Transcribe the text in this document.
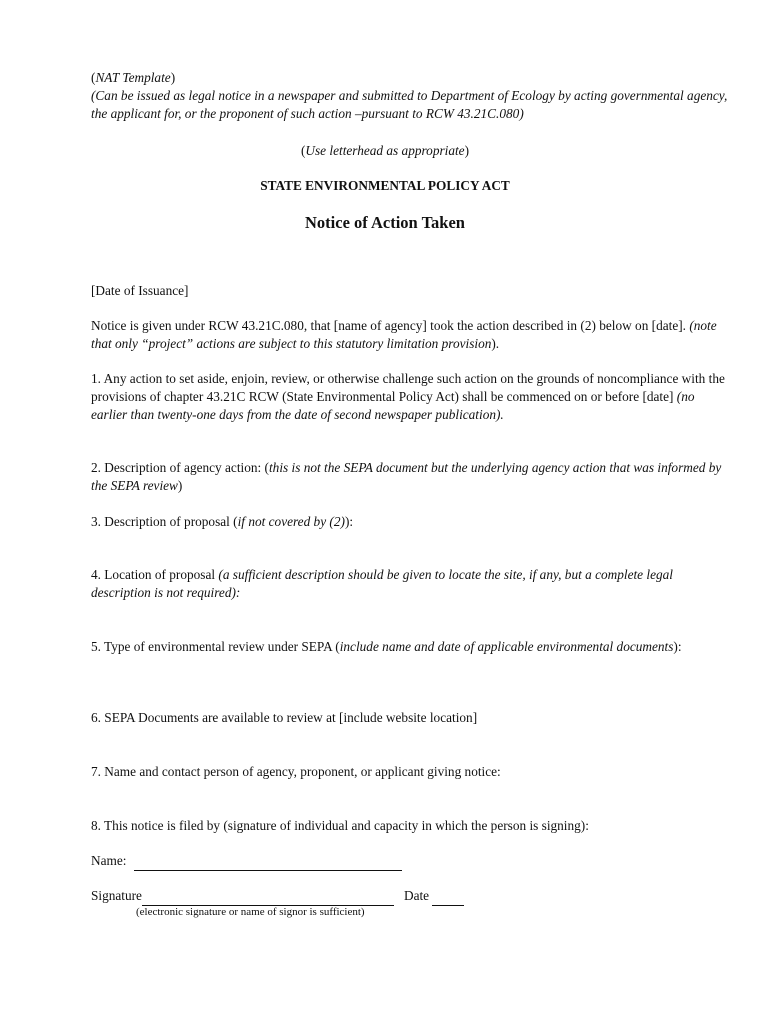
(NAT Template)
(Can be issued as legal notice in a newspaper and submitted to Department of Ecology by acting governmental agency, the applicant for, or the proponent of such action –pursuant to RCW 43.21C.080)

(Use letterhead as appropriate)

STATE ENVIRONMENTAL POLICY ACT

Notice of Action Taken

[Date of Issuance]

Notice is given under RCW 43.21C.080, that [name of agency] took the action described in (2) below on [date]. (note that only “project” actions are subject to this statutory limitation provision).

1. Any action to set aside, enjoin, review, or otherwise challenge such action on the grounds of noncompliance with the provisions of chapter 43.21C RCW (State Environmental Policy Act) shall be commenced on or before [date] (no earlier than twenty-one days from the date of second newspaper publication).

2. Description of agency action: (this is not the SEPA document but the underlying agency action that was informed by the SEPA review)

3. Description of proposal (if not covered by (2)):

4. Location of proposal (a sufficient description should be given to locate the site, if any, but a complete legal description is not required):

5. Type of environmental review under SEPA (include name and date of applicable environmental documents):

6. SEPA Documents are available to review at [include website location]

7. Name and contact person of agency, proponent, or applicant giving notice:

8. This notice is filed by (signature of individual and capacity in which the person is signing):

Name:

Signature	Date

(electronic signature or name of signor is sufficient)
